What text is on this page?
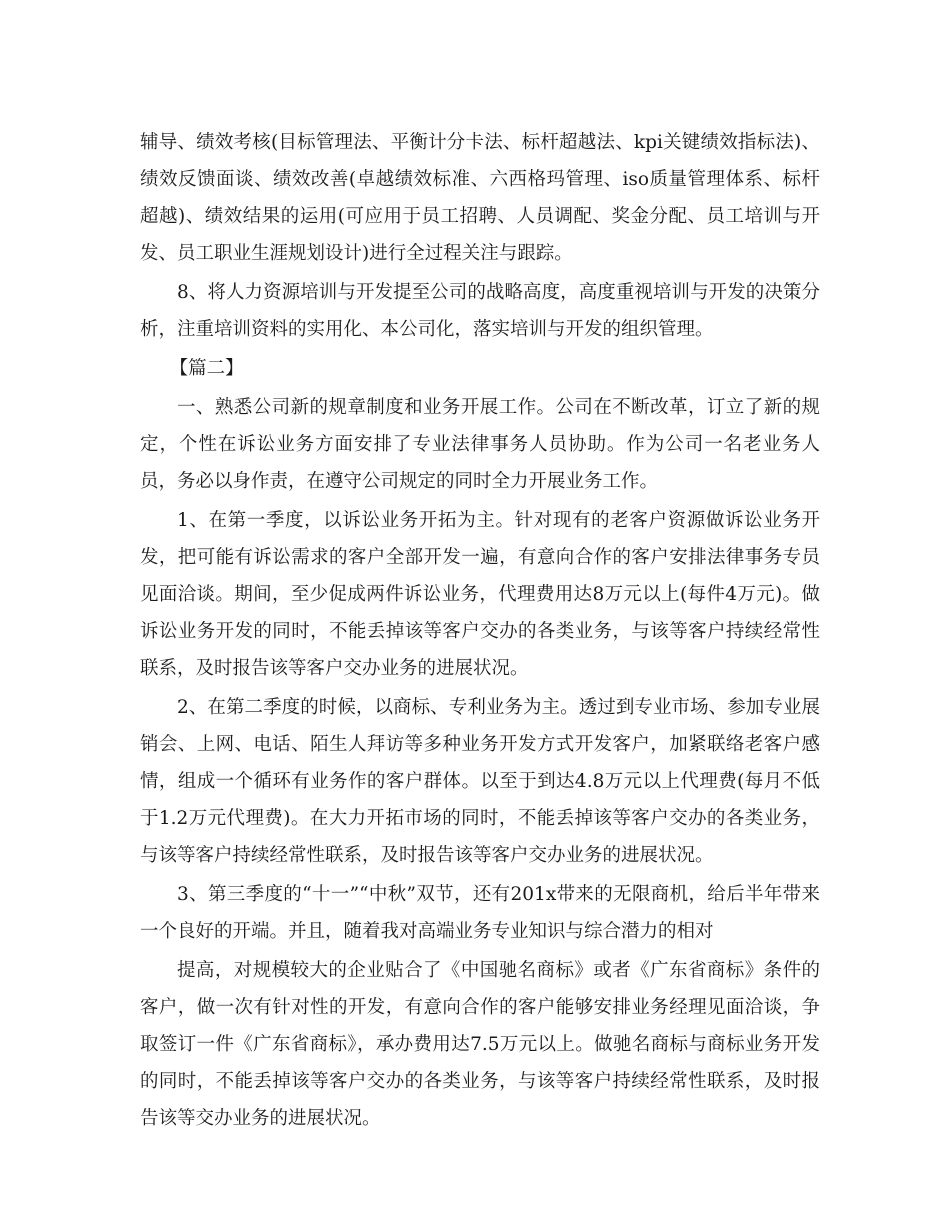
辅导、绩效考核(目标管理法、平衡计分卡法、标杆超越法、kpi关键绩效指标法)、绩效反馈面谈、绩效改善(卓越绩效标准、六西格玛管理、iso质量管理体系、标杆超越)、绩效结果的运用(可应用于员工招聘、人员调配、奖金分配、员工培训与开发、员工职业生涯规划设计)进行全过程关注与跟踪。

8、将人力资源培训与开发提至公司的战略高度，高度重视培训与开发的决策分析，注重培训资料的实用化、本公司化，落实培训与开发的组织管理。

【篇二】

一、熟悉公司新的规章制度和业务开展工作。公司在不断改革，订立了新的规定，个性在诉讼业务方面安排了专业法律事务人员协助。作为公司一名老业务人员，务必以身作责，在遵守公司规定的同时全力开展业务工作。

1、在第一季度，以诉讼业务开拓为主。针对现有的老客户资源做诉讼业务开发，把可能有诉讼需求的客户全部开发一遍，有意向合作的客户安排法律事务专员见面洽谈。期间，至少促成两件诉讼业务，代理费用达8万元以上(每件4万元)。做诉讼业务开发的同时，不能丢掉该等客户交办的各类业务，与该等客户持续经常性联系，及时报告该等客户交办业务的进展状况。

2、在第二季度的时候，以商标、专利业务为主。透过到专业市场、参加专业展销会、上网、电话、陌生人拜访等多种业务开发方式开发客户，加紧联络老客户感情，组成一个循环有业务作的客户群体。以至于到达4.8万元以上代理费(每月不低于1.2万元代理费)。在大力开拓市场的同时，不能丢掉该等客户交办的各类业务，与该等客户持续经常性联系，及时报告该等客户交办业务的进展状况。

3、第三季度的“十一”“中秋”双节，还有201x带来的无限商机，给后半年带来一个良好的开端。并且，随着我对高端业务专业知识与综合潜力的相对

提高，对规模较大的企业贴合了《中国驰名商标》或者《广东省商标》条件的客户，做一次有针对性的开发，有意向合作的客户能够安排业务经理见面洽谈，争取签订一件《广东省商标》，承办费用达7.5万元以上。做驰名商标与商标业务开发的同时，不能丢掉该等客户交办的各类业务，与该等客户持续经常性联系，及时报告该等交办业务的进展状况。
